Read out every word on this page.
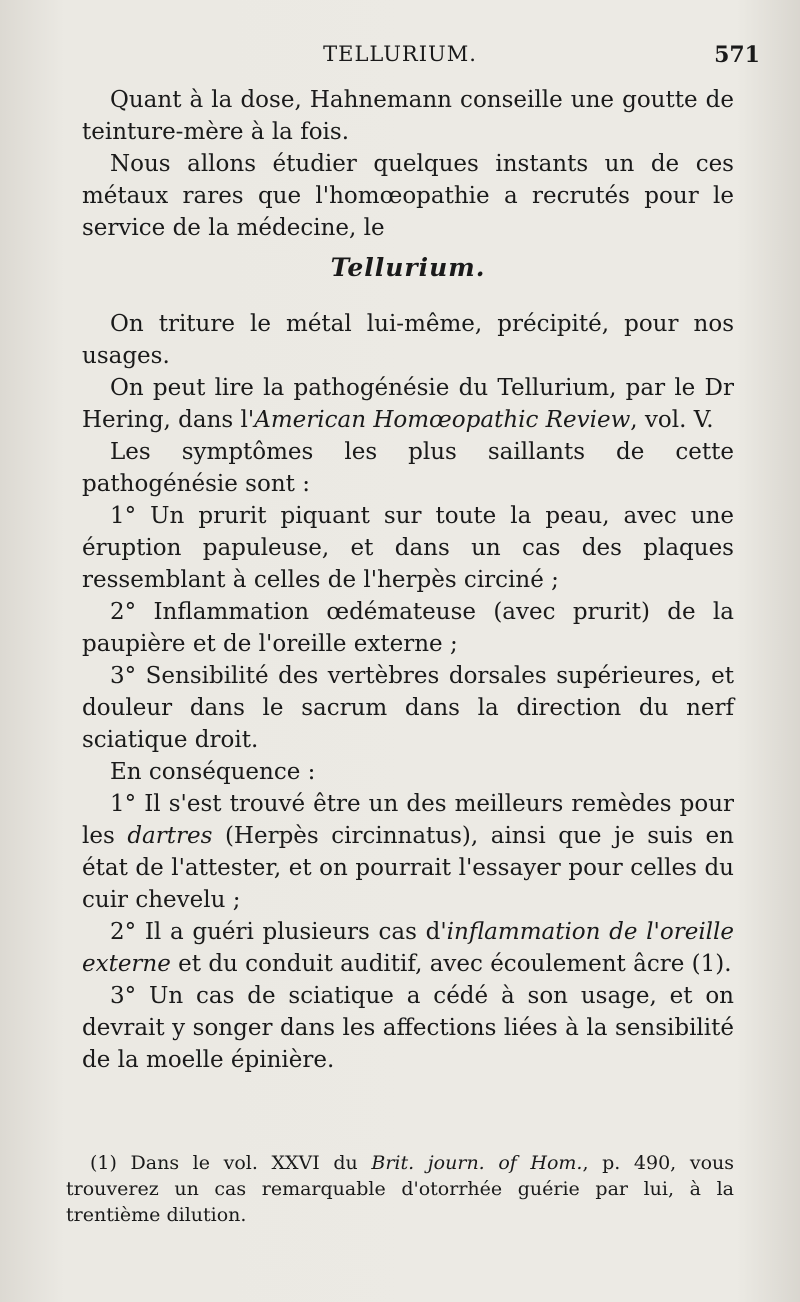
TELLURIUM.	571

Quant à la dose, Hahnemann conseille une goutte de teinture-mère à la fois.

Nous allons étudier quelques instants un de ces métaux rares que l'homœopathie a recrutés pour le service de la médecine, le

Tellurium.

On triture le métal lui-même, précipité, pour nos usages.

On peut lire la pathogénésie du Tellurium, par le Dr Hering, dans l'American Homœopathic Review, vol. V.

Les symptômes les plus saillants de cette pathogénésie sont :

1° Un prurit piquant sur toute la peau, avec une éruption papuleuse, et dans un cas des plaques ressemblant à celles de l'herpès circiné ;

2° Inflammation œdémateuse (avec prurit) de la paupière et de l'oreille externe ;

3° Sensibilité des vertèbres dorsales supérieures, et douleur dans le sacrum dans la direction du nerf sciatique droit.

En conséquence :

1° Il s'est trouvé être un des meilleurs remèdes pour les dartres (Herpès circinnatus), ainsi que je suis en état de l'attester, et on pourrait l'essayer pour celles du cuir chevelu ;

2° Il a guéri plusieurs cas d'inflammation de l'oreille externe et du conduit auditif, avec écoulement âcre (1).

3° Un cas de sciatique a cédé à son usage, et on devrait y songer dans les affections liées à la sensibilité de la moelle épinière.

(1) Dans le vol. XXVI du Brit. journ. of Hom., p. 490, vous trouverez un cas remarquable d'otorrhée guérie par lui, à la trentième dilution.
